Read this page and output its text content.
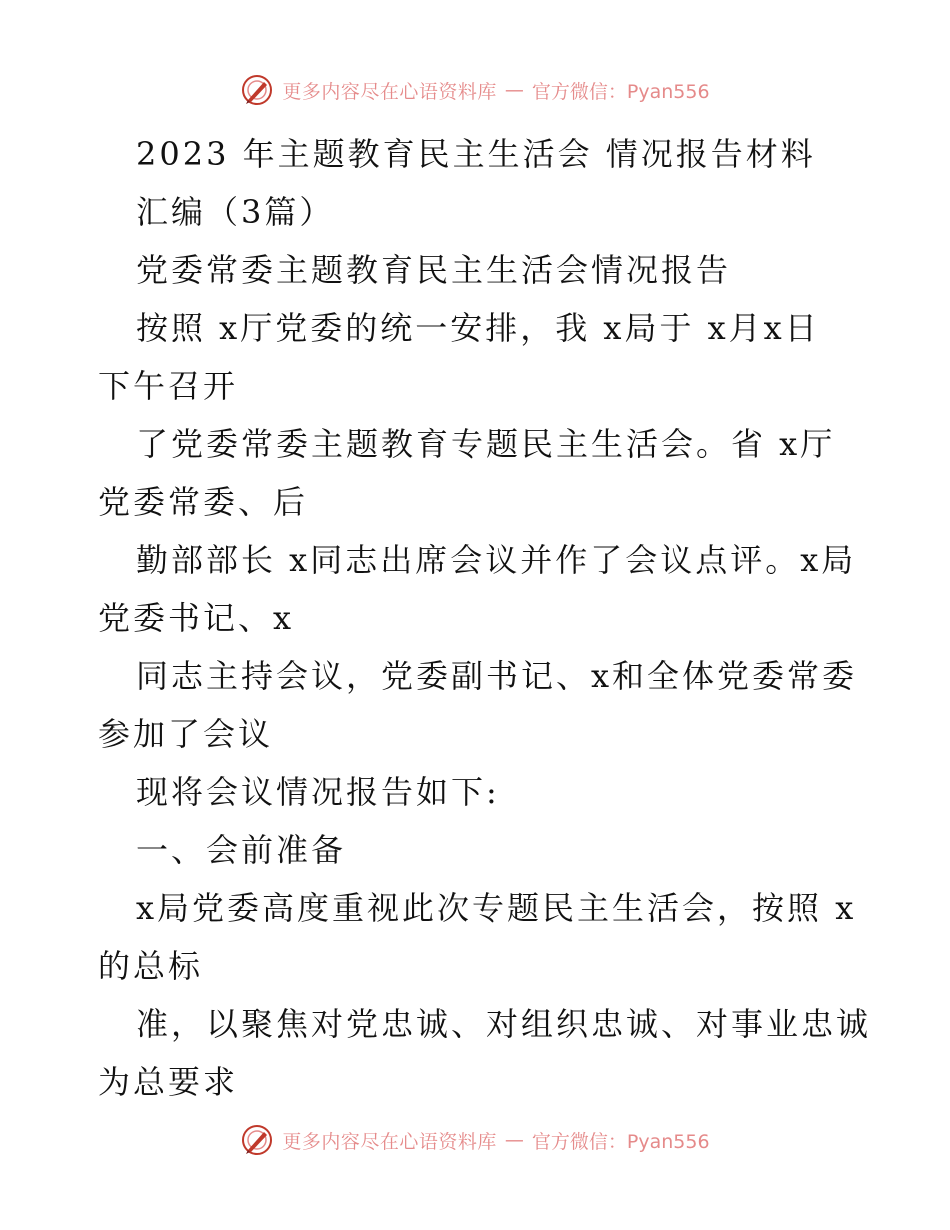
更多内容尽在心语资料库 — 官方微信：Pyan556
2023 年主题教育民主生活会 情况报告材料
汇编（3篇）
党委常委主题教育民主生活会情况报告
按照 x厅党委的统一安排，我 x局于 x月x日
下午召开
了党委常委主题教育专题民主生活会。省 x厅
党委常委、后
勤部部长 x同志出席会议并作了会议点评。x局
党委书记、x
同志主持会议，党委副书记、x和全体党委常委
参加了会议
现将会议情况报告如下:
一、会前准备
x局党委高度重视此次专题民主生活会，按照 x
的总标
准，以聚焦对党忠诚、对组织忠诚、对事业忠诚
为总要求
更多内容尽在心语资料库 — 官方微信：Pyan556
